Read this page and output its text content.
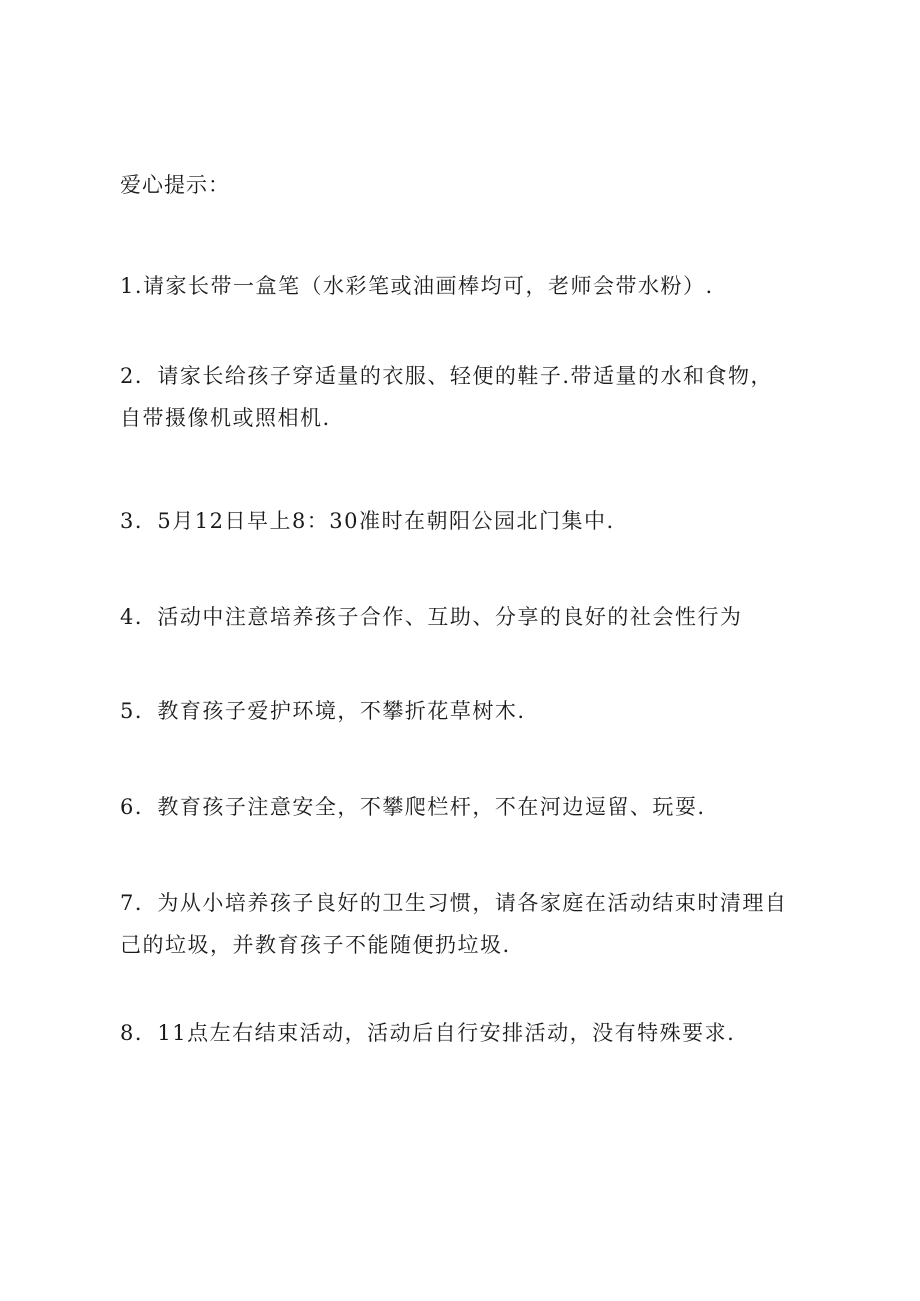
爱心提示：
1.请家长带一盒笔（水彩笔或油画棒均可，老师会带水粉）.
2．请家长给孩子穿适量的衣服、轻便的鞋子.带适量的水和食物，
自带摄像机或照相机.
3．5月12日早上8：30准时在朝阳公园北门集中.
4．活动中注意培养孩子合作、互助、分享的良好的社会性行为
5．教育孩子爱护环境，不攀折花草树木.
6．教育孩子注意安全，不攀爬栏杆，不在河边逗留、玩耍.
7．为从小培养孩子良好的卫生习惯，请各家庭在活动结束时清理自
己的垃圾，并教育孩子不能随便扔垃圾.
8．11点左右结束活动，活动后自行安排活动，没有特殊要求.
